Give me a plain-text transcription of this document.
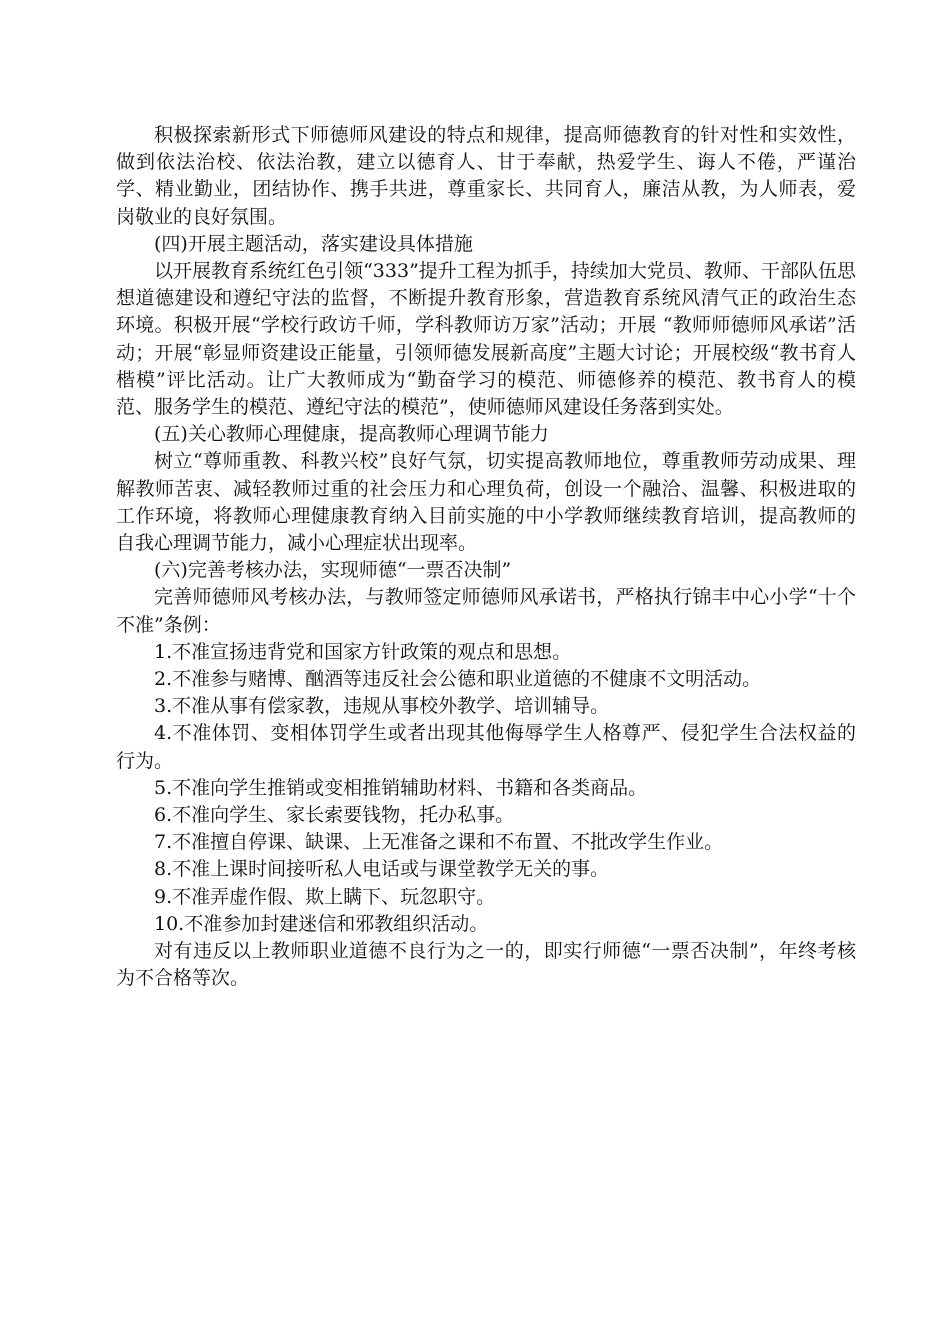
积极探索新形式下师德师风建设的特点和规律，提高师德教育的针对性和实效性，做到依法治校、依法治教，建立以德育人、甘于奉献，热爱学生、诲人不倦，严谨治学、精业勤业，团结协作、携手共进，尊重家长、共同育人，廉洁从教，为人师表，爱岗敬业的良好氛围。

(四)开展主题活动，落实建设具体措施

以开展教育系统红色引领“333”提升工程为抓手，持续加大党员、教师、干部队伍思想道德建设和遵纪守法的监督，不断提升教育形象，营造教育系统风清气正的政治生态环境。积极开展“学校行政访千师，学科教师访万家”活动；开展 “教师师德师风承诺”活动；开展“彰显师资建设正能量，引领师德发展新高度”主题大讨论；开展校级“教书育人楷模”评比活动。让广大教师成为“勤奋学习的模范、师德修养的模范、教书育人的模范、服务学生的模范、遵纪守法的模范”，使师德师风建设任务落到实处。

(五)关心教师心理健康，提高教师心理调节能力

树立“尊师重教、科教兴校”良好气氛，切实提高教师地位，尊重教师劳动成果、理解教师苦衷、减轻教师过重的社会压力和心理负荷，创设一个融洽、温馨、积极进取的工作环境，将教师心理健康教育纳入目前实施的中小学教师继续教育培训，提高教师的自我心理调节能力，减小心理症状出现率。

(六)完善考核办法，实现师德“一票否决制”

完善师德师风考核办法，与教师签定师德师风承诺书，严格执行锦丰中心小学“十个不准”条例：

1.不准宣扬违背党和国家方针政策的观点和思想。

2.不准参与赌博、酗酒等违反社会公德和职业道德的不健康不文明活动。

3.不准从事有偿家教，违规从事校外教学、培训辅导。

4.不准体罚、变相体罚学生或者出现其他侮辱学生人格尊严、侵犯学生合法权益的行为。

5.不准向学生推销或变相推销辅助材料、书籍和各类商品。

6.不准向学生、家长索要钱物，托办私事。

7.不准擅自停课、缺课、上无准备之课和不布置、不批改学生作业。

8.不准上课时间接听私人电话或与课堂教学无关的事。

9.不准弄虚作假、欺上瞒下、玩忽职守。

10.不准参加封建迷信和邪教组织活动。

对有违反以上教师职业道德不良行为之一的，即实行师德“一票否决制”，年终考核为不合格等次。
